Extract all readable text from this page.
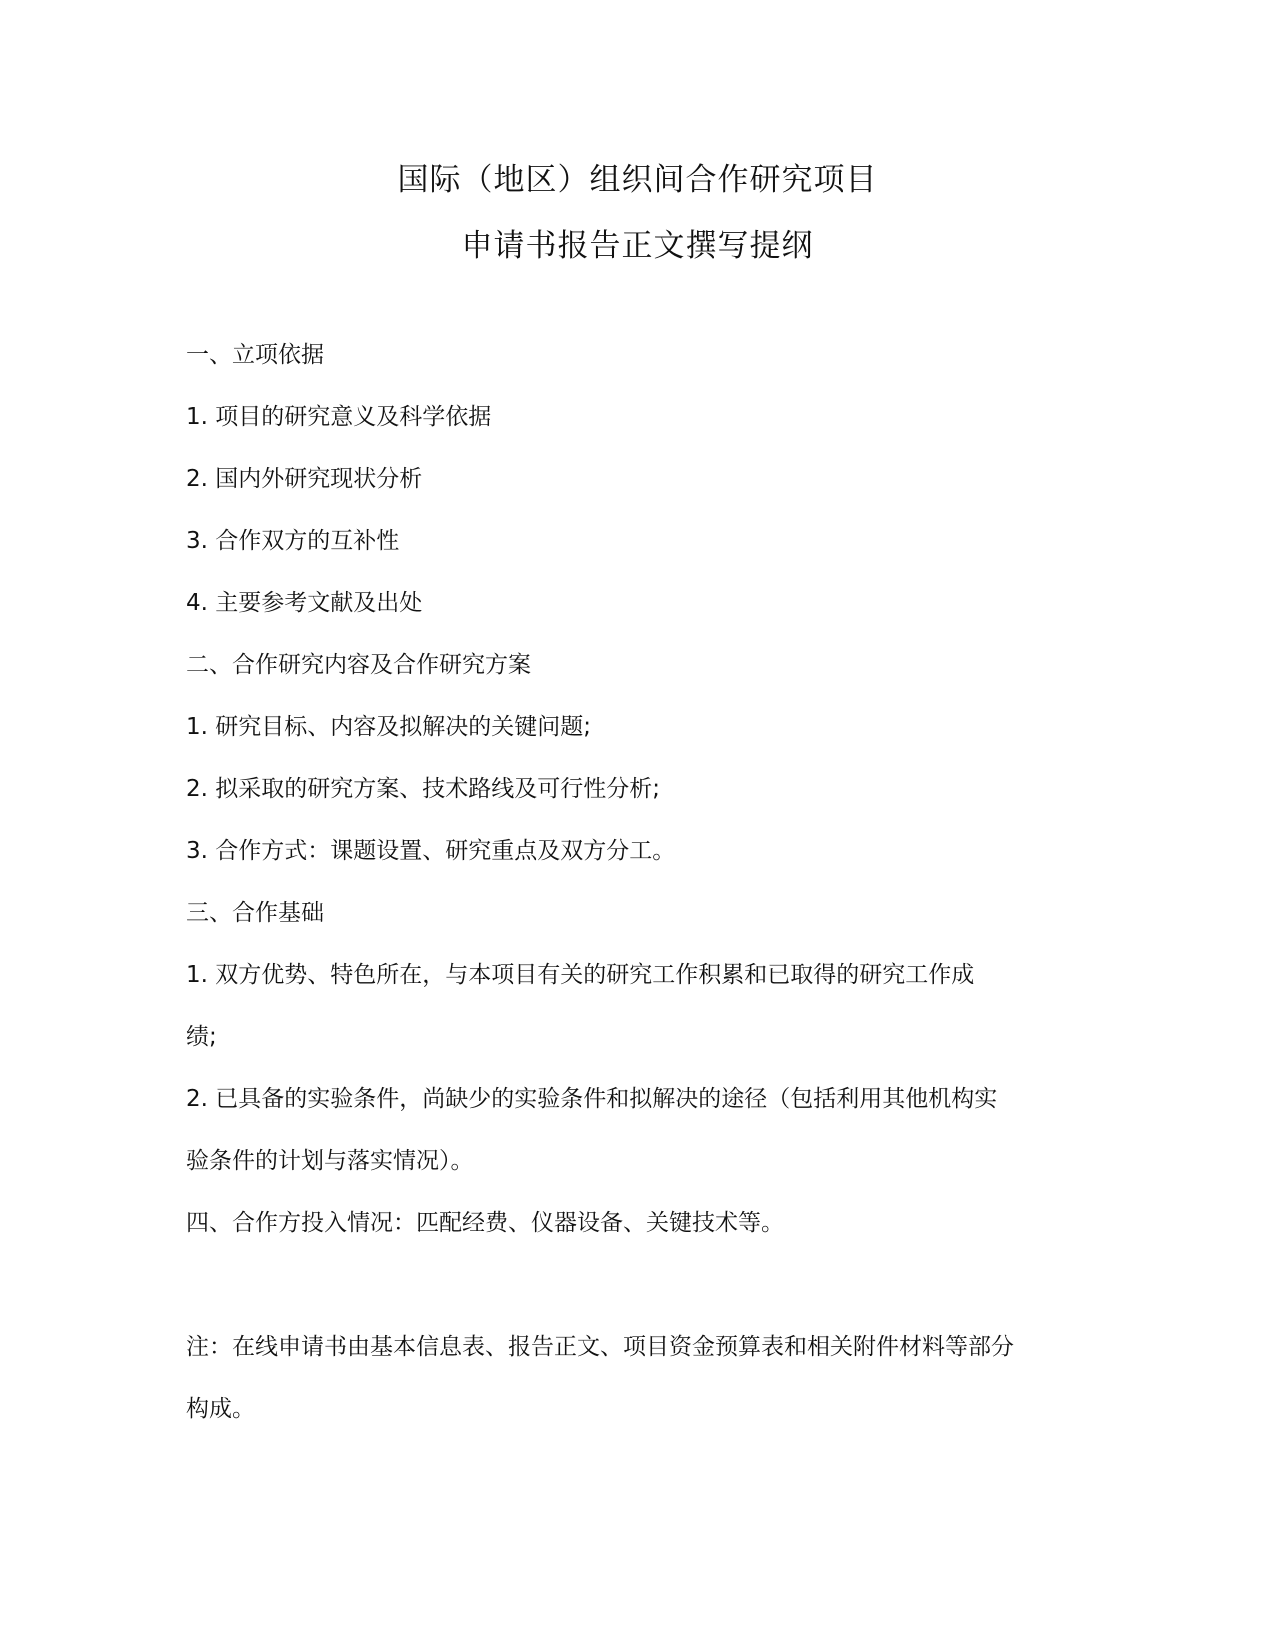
国际（地区）组织间合作研究项目
申请书报告正文撰写提纲
一、立项依据
1. 项目的研究意义及科学依据
2. 国内外研究现状分析
3. 合作双方的互补性
4. 主要参考文献及出处
二、合作研究内容及合作研究方案
1. 研究目标、内容及拟解决的关键问题;
2. 拟采取的研究方案、技术路线及可行性分析;
3. 合作方式：课题设置、研究重点及双方分工。
三、合作基础
1. 双方优势、特色所在，与本项目有关的研究工作积累和已取得的研究工作成
绩;
2. 已具备的实验条件，尚缺少的实验条件和拟解决的途径（包括利用其他机构实
验条件的计划与落实情况）。
四、合作方投入情况：匹配经费、仪器设备、关键技术等。
注：在线申请书由基本信息表、报告正文、项目资金预算表和相关附件材料等部分
构成。
